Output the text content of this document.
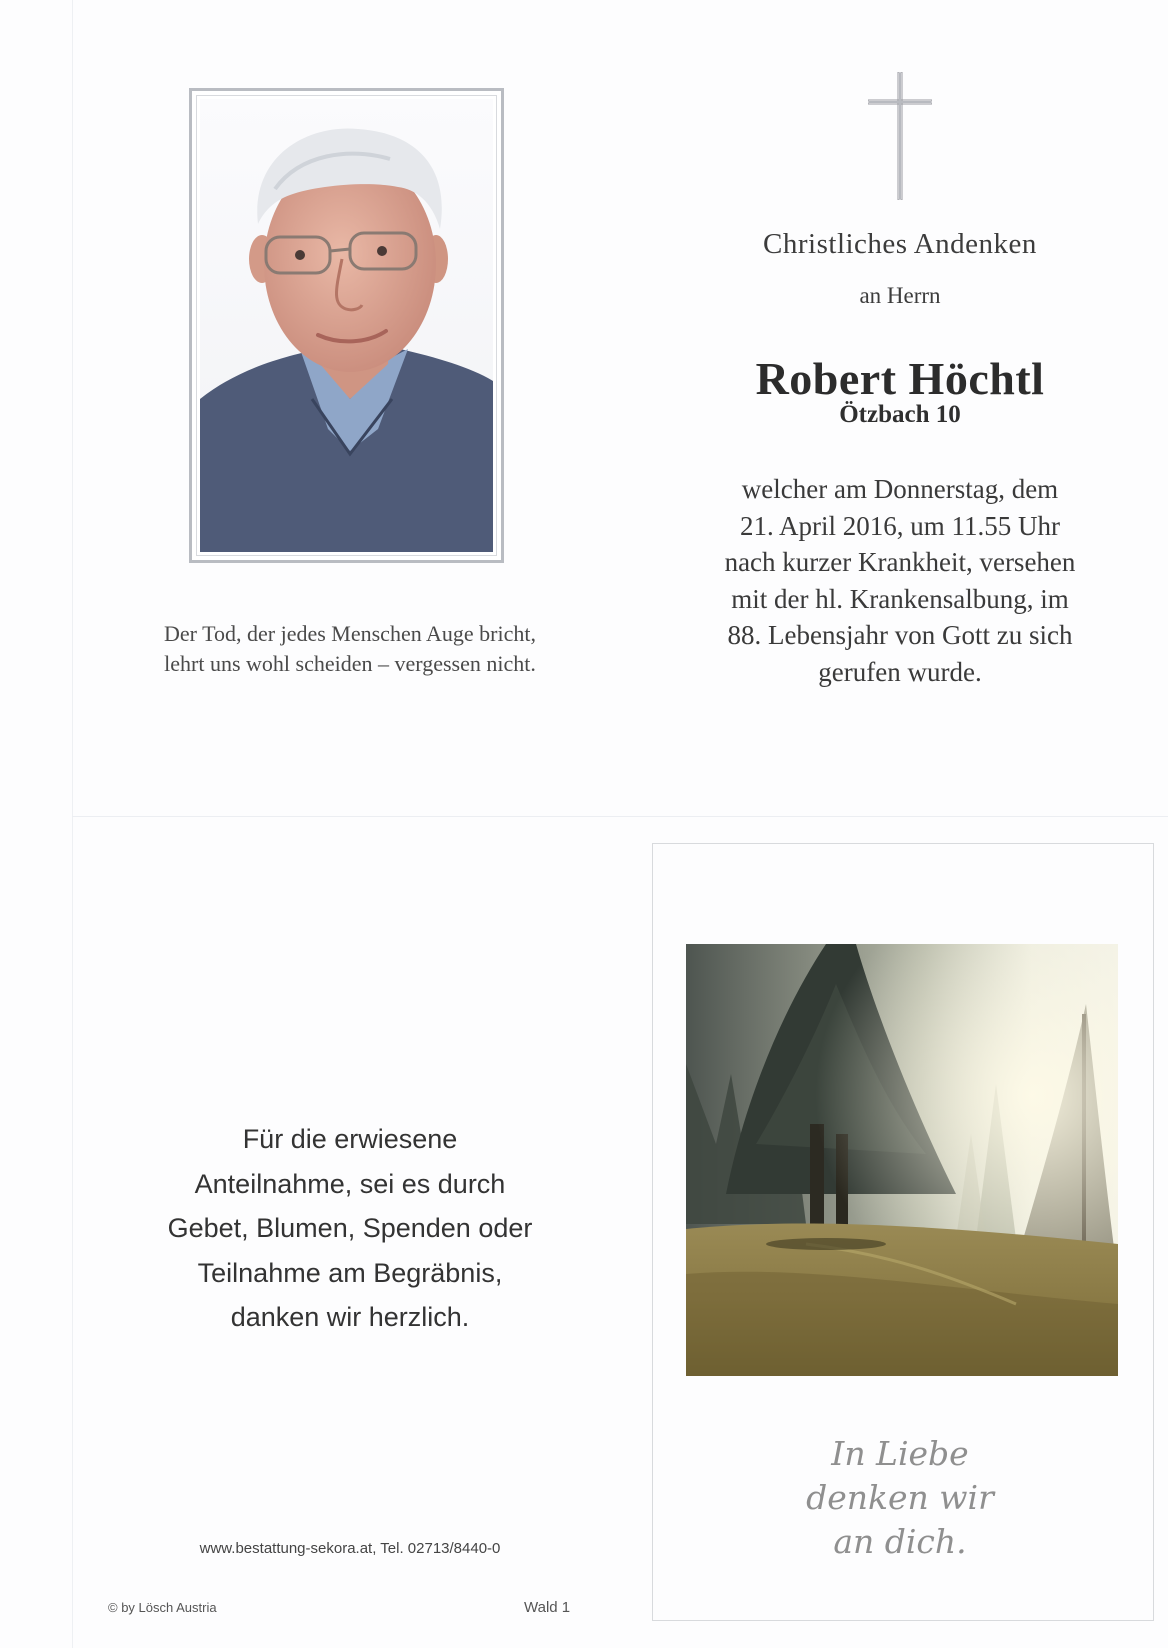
Der Tod, der jedes Menschen Auge bricht,
lehrt uns wohl scheiden – vergessen nicht.
Christliches Andenken
an Herrn
Robert Höchtl
Ötzbach 10
welcher am Donnerstag, dem
21. April 2016, um 11.55 Uhr
nach kurzer Krankheit, versehen
mit der hl. Krankensalbung, im
88. Lebensjahr von Gott zu sich
gerufen wurde.
Für die erwiesene
Anteilnahme, sei es durch
Gebet, Blumen, Spenden oder
Teilnahme am Begräbnis,
danken wir herzlich.
www.bestattung-sekora.at, Tel. 02713/8440-0
© by Lösch Austria	Wald 1
In Liebe
denken wir
an dich.
